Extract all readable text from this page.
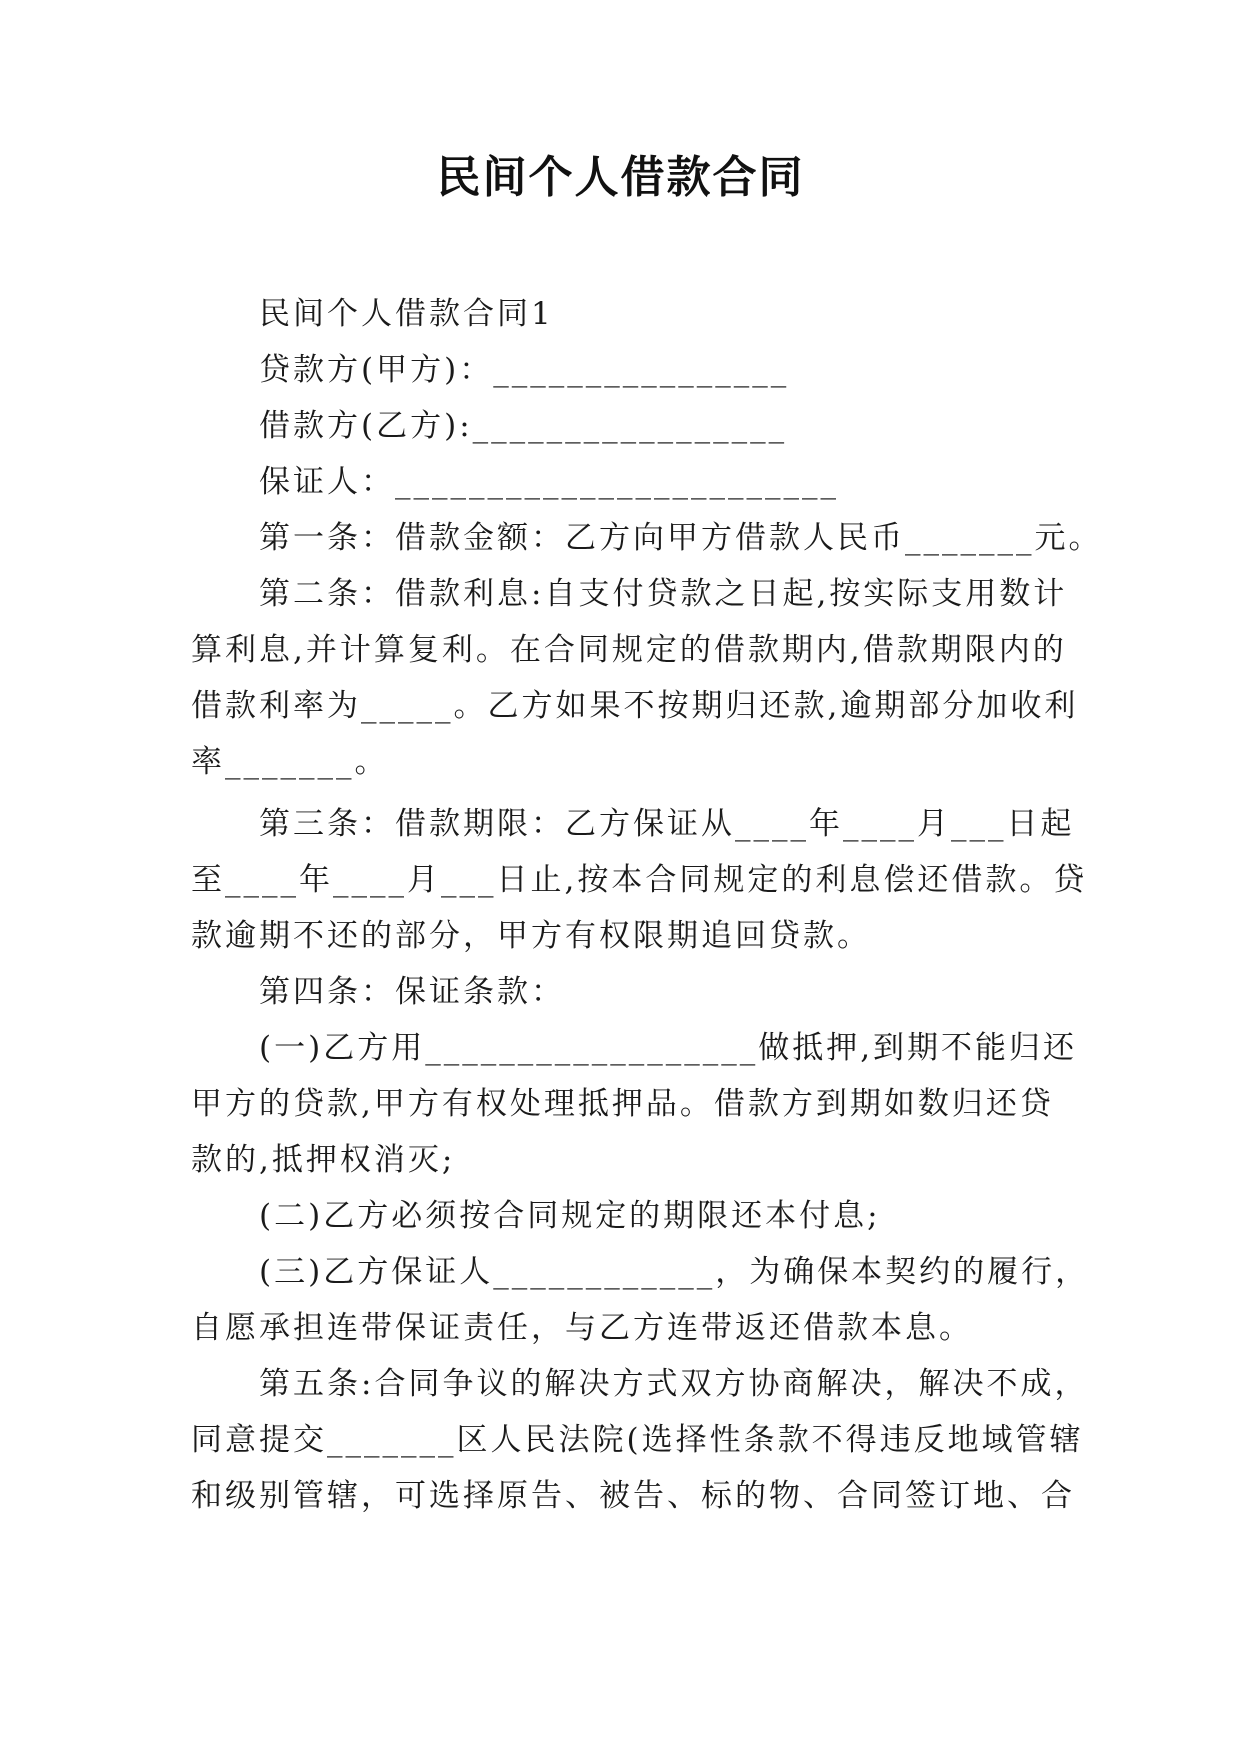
民间个人借款合同
民间个人借款合同1
贷款方(甲方)：________________
借款方(乙方):_________________
保证人：________________________
第一条：借款金额：乙方向甲方借款人民币_______元。
第二条：借款利息:自支付贷款之日起,按实际支用数计
算利息,并计算复利。在合同规定的借款期内,借款期限内的
借款利率为_____。乙方如果不按期归还款,逾期部分加收利
率_______。
第三条：借款期限：乙方保证从____年____月___日起
至____年____月___日止,按本合同规定的利息偿还借款。贷
款逾期不还的部分，甲方有权限期追回贷款。
第四条：保证条款：
(一)乙方用__________________做抵押,到期不能归还
甲方的贷款,甲方有权处理抵押品。借款方到期如数归还贷
款的,抵押权消灭;
(二)乙方必须按合同规定的期限还本付息;
(三)乙方保证人____________，为确保本契约的履行，
自愿承担连带保证责任，与乙方连带返还借款本息。
第五条:合同争议的解决方式双方协商解决，解决不成，
同意提交_______区人民法院(选择性条款不得违反地域管辖
和级别管辖，可选择原告、被告、标的物、合同签订地、合
